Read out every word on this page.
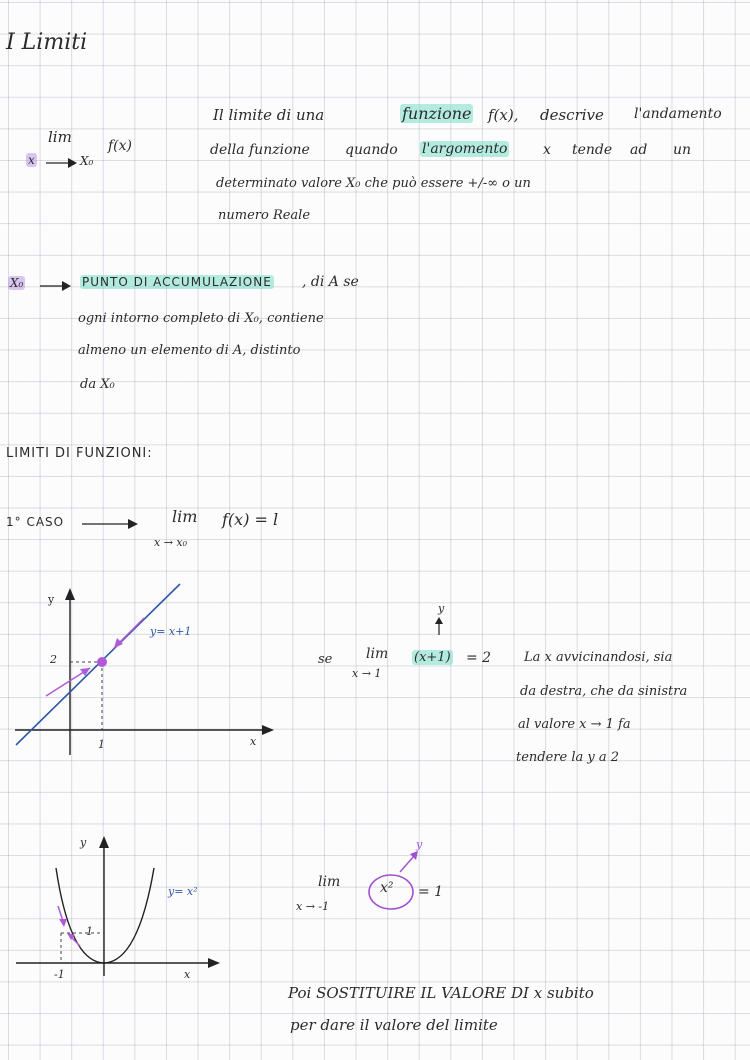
I Limiti
lim	f(x)
x	X₀
Il limite di una	funzione f(x), descrive l'andamento
della funzione	quando l'argomento	x tende ad un
determinato valore X₀ che può essere +/-∞ o un
numero Reale
X₀	PUNTO DI ACCUMULAZIONE , di A se
ogni intorno completo di X₀, contiene
almeno un elemento di A, distinto
da X₀
LIMITI DI FUNZIONI:
1° CASO	lim f(x) = l
x → x₀
y
x
1
2
y= x+1
y
se lim
x → 1
(x+1) = 2	La x avvicinandosi, sia
da destra, che da sinistra
al valore x → 1 fa
tendere la y a 2
y
x
-1
1
y= x²
lim
x → -1
x² = 1
y
Poi SOSTITUIRE IL VALORE DI x subito
per dare il valore del limite
